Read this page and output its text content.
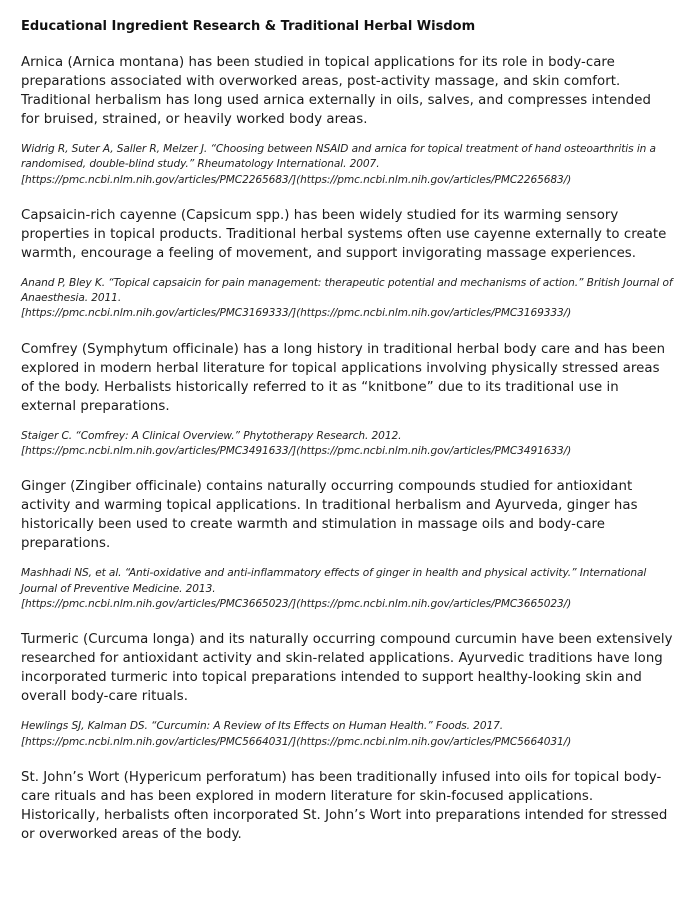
Educational Ingredient Research & Traditional Herbal Wisdom

Arnica (Arnica montana) has been studied in topical applications for its role in body-care preparations associated with overworked areas, post-activity massage, and skin comfort. Traditional herbalism has long used arnica externally in oils, salves, and compresses intended for bruised, strained, or heavily worked body areas.

Widrig R, Suter A, Saller R, Melzer J. “Choosing between NSAID and arnica for topical treatment of hand osteoarthritis in a randomised, double-blind study.” Rheumatology International. 2007.
[https://pmc.ncbi.nlm.nih.gov/articles/PMC2265683/](https://pmc.ncbi.nlm.nih.gov/articles/PMC2265683/)

Capsaicin-rich cayenne (Capsicum spp.) has been widely studied for its warming sensory properties in topical products. Traditional herbal systems often use cayenne externally to create warmth, encourage a feeling of movement, and support invigorating massage experiences.

Anand P, Bley K. “Topical capsaicin for pain management: therapeutic potential and mechanisms of action.” British Journal of Anaesthesia. 2011.
[https://pmc.ncbi.nlm.nih.gov/articles/PMC3169333/](https://pmc.ncbi.nlm.nih.gov/articles/PMC3169333/)

Comfrey (Symphytum officinale) has a long history in traditional herbal body care and has been explored in modern herbal literature for topical applications involving physically stressed areas of the body. Herbalists historically referred to it as “knitbone” due to its traditional use in external preparations.

Staiger C. “Comfrey: A Clinical Overview.” Phytotherapy Research. 2012.
[https://pmc.ncbi.nlm.nih.gov/articles/PMC3491633/](https://pmc.ncbi.nlm.nih.gov/articles/PMC3491633/)

Ginger (Zingiber officinale) contains naturally occurring compounds studied for antioxidant activity and warming topical applications. In traditional herbalism and Ayurveda, ginger has historically been used to create warmth and stimulation in massage oils and body-care preparations.

Mashhadi NS, et al. “Anti-oxidative and anti-inflammatory effects of ginger in health and physical activity.” International Journal of Preventive Medicine. 2013.
[https://pmc.ncbi.nlm.nih.gov/articles/PMC3665023/](https://pmc.ncbi.nlm.nih.gov/articles/PMC3665023/)

Turmeric (Curcuma longa) and its naturally occurring compound curcumin have been extensively researched for antioxidant activity and skin-related applications. Ayurvedic traditions have long incorporated turmeric into topical preparations intended to support healthy-looking skin and overall body-care rituals.

Hewlings SJ, Kalman DS. “Curcumin: A Review of Its Effects on Human Health.” Foods. 2017.
[https://pmc.ncbi.nlm.nih.gov/articles/PMC5664031/](https://pmc.ncbi.nlm.nih.gov/articles/PMC5664031/)

St. John’s Wort (Hypericum perforatum) has been traditionally infused into oils for topical body-care rituals and has been explored in modern literature for skin-focused applications. Historically, herbalists often incorporated St. John’s Wort into preparations intended for stressed or overworked areas of the body.
